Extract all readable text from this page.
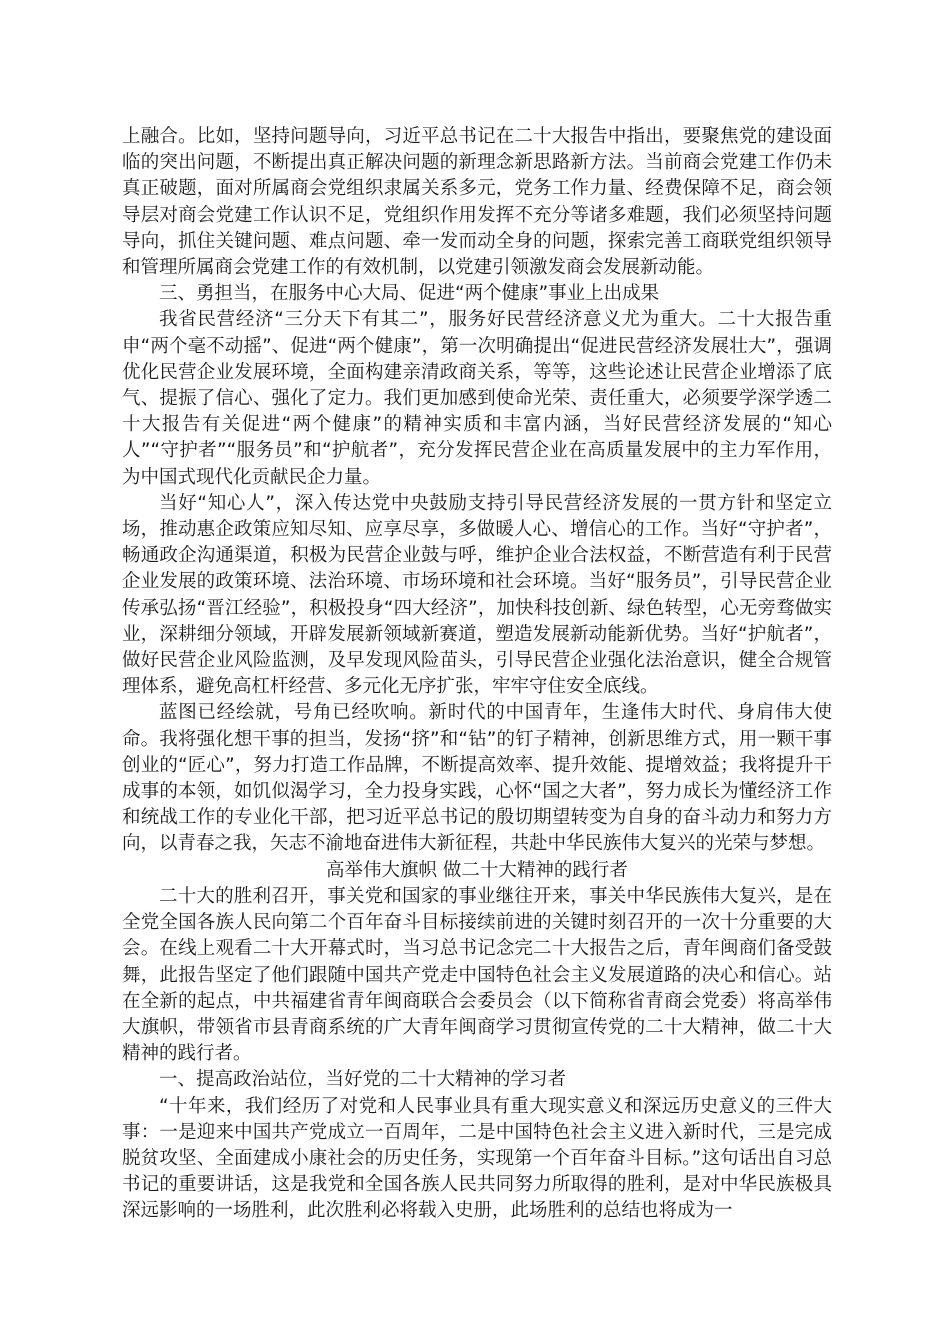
上融合。比如，坚持问题导向，习近平总书记在二十大报告中指出，要聚焦党的建设面临的突出问题，不断提出真正解决问题的新理念新思路新方法。当前商会党建工作仍未真正破题，面对所属商会党组织隶属关系多元，党务工作力量、经费保障不足，商会领导层对商会党建工作认识不足，党组织作用发挥不充分等诸多难题，我们必须坚持问题导向，抓住关键问题、难点问题、牵一发而动全身的问题，探索完善工商联党组织领导和管理所属商会党建工作的有效机制，以党建引领激发商会发展新动能。

三、勇担当，在服务中心大局、促进“两个健康”事业上出成果

我省民营经济“三分天下有其二”，服务好民营经济意义尤为重大。二十大报告重申“两个毫不动摇”、促进“两个健康”，第一次明确提出“促进民营经济发展壮大”，强调优化民营企业发展环境，全面构建亲清政商关系，等等，这些论述让民营企业增添了底气、提振了信心、强化了定力。我们更加感到使命光荣、责任重大，必须要学深学透二十大报告有关促进“两个健康”的精神实质和丰富内涵，当好民营经济发展的“知心人”“守护者”“服务员”和“护航者”，充分发挥民营企业在高质量发展中的主力军作用，为中国式现代化贡献民企力量。

当好“知心人”，深入传达党中央鼓励支持引导民营经济发展的一贯方针和坚定立场，推动惠企政策应知尽知、应享尽享，多做暖人心、增信心的工作。当好“守护者”，畅通政企沟通渠道，积极为民营企业鼓与呼，维护企业合法权益，不断营造有利于民营企业发展的政策环境、法治环境、市场环境和社会环境。当好“服务员”，引导民营企业传承弘扬“晋江经验”，积极投身“四大经济”，加快科技创新、绿色转型，心无旁骛做实业，深耕细分领域，开辟发展新领域新赛道，塑造发展新动能新优势。当好“护航者”，做好民营企业风险监测，及早发现风险苗头，引导民营企业强化法治意识，健全合规管理体系，避免高杠杆经营、多元化无序扩张，牢牢守住安全底线。

蓝图已经绘就，号角已经吹响。新时代的中国青年，生逢伟大时代、身肩伟大使命。我将强化想干事的担当，发扬“挤”和“钻”的钉子精神，创新思维方式，用一颗干事创业的“匠心”，努力打造工作品牌，不断提高效率、提升效能、提增效益；我将提升干成事的本领，如饥似渴学习，全力投身实践，心怀“国之大者”，努力成长为懂经济工作和统战工作的专业化干部，把习近平总书记的殷切期望转变为自身的奋斗动力和努力方向，以青春之我，矢志不渝地奋进伟大新征程，共赴中华民族伟大复兴的光荣与梦想。

高举伟大旗帜 做二十大精神的践行者

二十大的胜利召开，事关党和国家的事业继往开来，事关中华民族伟大复兴，是在全党全国各族人民向第二个百年奋斗目标接续前进的关键时刻召开的一次十分重要的大会。在线上观看二十大开幕式时，当习总书记念完二十大报告之后，青年闽商们备受鼓舞，此报告坚定了他们跟随中国共产党走中国特色社会主义发展道路的决心和信心。站在全新的起点，中共福建省青年闽商联合会委员会（以下简称省青商会党委）将高举伟大旗帜，带领省市县青商系统的广大青年闽商学习贯彻宣传党的二十大精神，做二十大精神的践行者。

一、提高政治站位，当好党的二十大精神的学习者

“十年来，我们经历了对党和人民事业具有重大现实意义和深远历史意义的三件大事：一是迎来中国共产党成立一百周年，二是中国特色社会主义进入新时代，三是完成脱贫攻坚、全面建成小康社会的历史任务，实现第一个百年奋斗目标。”这句话出自习总书记的重要讲话，这是我党和全国各族人民共同努力所取得的胜利，是对中华民族极具深远影响的一场胜利，此次胜利必将载入史册，此场胜利的总结也将成为一
